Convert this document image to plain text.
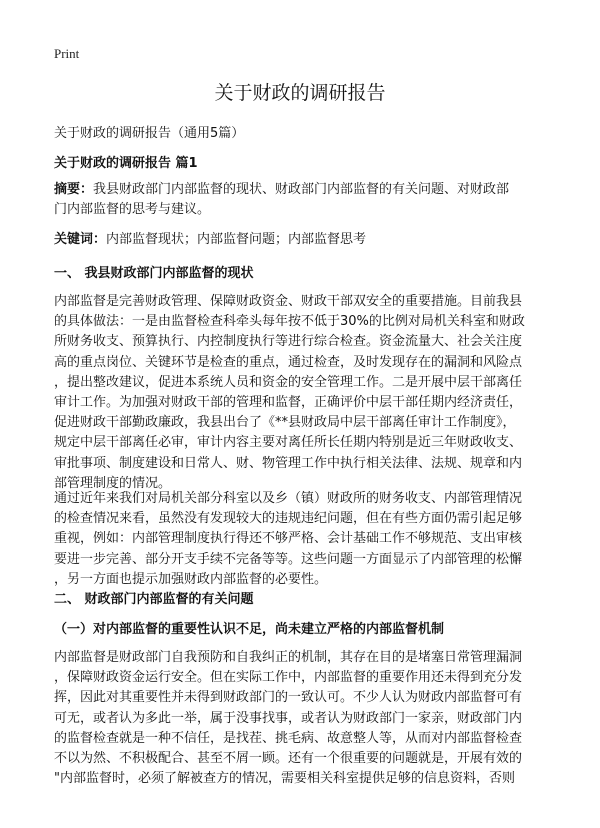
Print
关于财政的调研报告
关于财政的调研报告（通用5篇）
关于财政的调研报告 篇1
摘要：我县财政部门内部监督的现状、财政部门内部监督的有关问题、对财政部
门内部监督的思考与建议。
关键词：内部监督现状；内部监督问题；内部监督思考
一、 我县财政部门内部监督的现状
内部监督是完善财政管理、保障财政资金、财政干部双安全的重要措施。目前我县
的具体做法：一是由监督检查科牵头每年按不低于30%的比例对局机关科室和财政
所财务收支、预算执行、内控制度执行等进行综合检查。资金流量大、社会关注度
高的重点岗位、关键环节是检查的重点，通过检查，及时发现存在的漏洞和风险点
，提出整改建议，促进本系统人员和资金的安全管理工作。二是开展中层干部离任
审计工作。为加强对财政干部的管理和监督，正确评价中层干部任期内经济责任，
促进财政干部勤政廉政，我县出台了《**县财政局中层干部离任审计工作制度》，
规定中层干部离任必审，审计内容主要对离任所长任期内特别是近三年财政收支、
审批事项、制度建设和日常人、财、物管理工作中执行相关法律、法规、规章和内
部管理制度的情况。
通过近年来我们对局机关部分科室以及乡（镇）财政所的财务收支、内部管理情况
的检查情况来看，虽然没有发现较大的违规违纪问题，但在有些方面仍需引起足够
重视，例如：内部管理制度执行得还不够严格、会计基础工作不够规范、支出审核
要进一步完善、部分开支手续不完备等等。这些问题一方面显示了内部管理的松懈
，另一方面也提示加强财政内部监督的必要性。
二、 财政部门内部监督的有关问题
（一）对内部监督的重要性认识不足，尚未建立严格的内部监督机制
内部监督是财政部门自我预防和自我纠正的机制，其存在目的是堵塞日常管理漏洞
，保障财政资金运行安全。但在实际工作中，内部监督的重要作用还未得到充分发
挥，因此对其重要性并未得到财政部门的一致认可。不少人认为财政内部监督可有
可无，或者认为多此一举，属于没事找事，或者认为财政部门一家亲，财政部门内
的监督检查就是一种不信任，是找茬、挑毛病、故意整人等，从而对内部监督检查
不以为然、不积极配合、甚至不屑一顾。还有一个很重要的问题就是，开展有效的
"内部监督时，必须了解被查方的情况，需要相关科室提供足够的信息资料，否则
